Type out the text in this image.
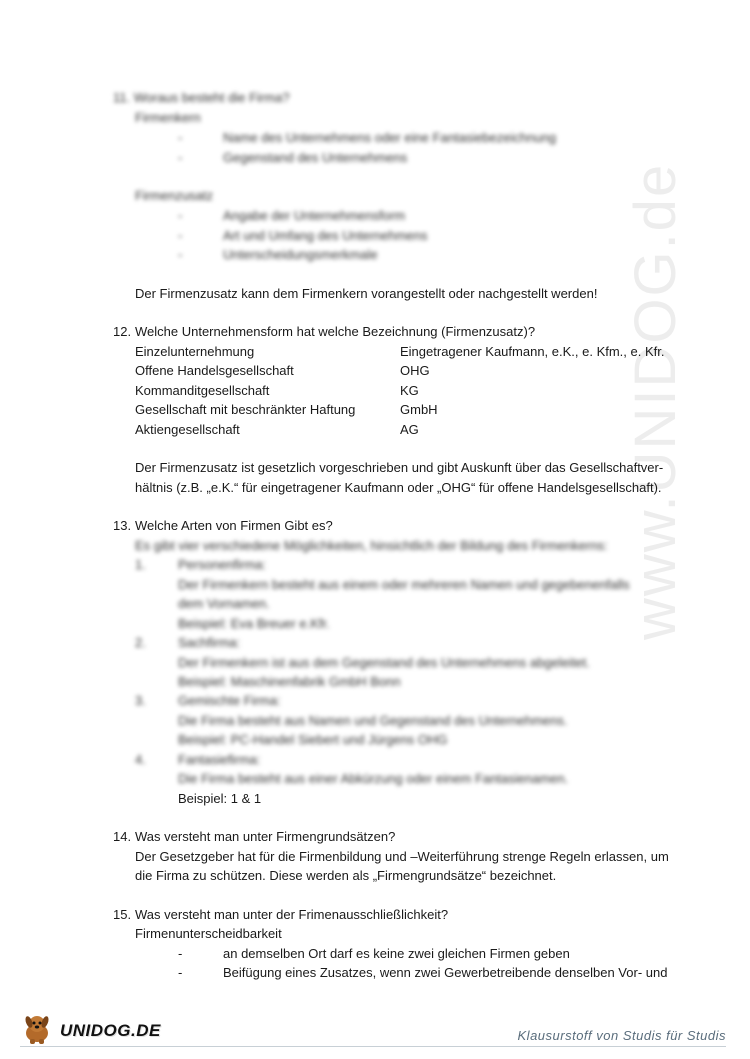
www.UNIDOG.de
11. Woraus besteht die Firma?
Firmenkern
-	Name des Unternehmens oder eine Fantasiebezeichnung
-	Gegenstand des Unternehmens
Firmenzusatz
-	Angabe der Unternehmensform
-	Art und Umfang des Unternehmens
-	Unterscheidungsmerkmale
Der Firmenzusatz kann dem Firmenkern vorangestellt oder nachgestellt werden!
12. Welche Unternehmensform hat welche Bezeichnung (Firmenzusatz)?
Einzelunternehmung	Eingetragener Kaufmann, e.K., e. Kfm., e. Kfr.
Offene Handelsgesellschaft	OHG
Kommanditgesellschaft	KG
Gesellschaft mit beschränkter Haftung	GmbH
Aktiengesellschaft	AG
Der Firmenzusatz ist gesetzlich vorgeschrieben und gibt Auskunft über das Gesellschaftver-
hältnis (z.B. „e.K.“ für eingetragener Kaufmann oder „OHG“ für offene Handelsgesellschaft).
13. Welche Arten von Firmen Gibt es?
Es gibt vier verschiedene Möglichkeiten, hinsichtlich der Bildung des Firmenkerns:
1. Personenfirma:
Der Firmenkern besteht aus einem oder mehreren Namen und gegebenenfalls
dem Vornamen.
Beispiel: Eva Breuer e.Kfr.
2. Sachfirma:
Der Firmenkern ist aus dem Gegenstand des Unternehmens abgeleitet.
Beispiel: Maschinenfabrik GmbH Bonn
3. Gemischte Firma:
Die Firma besteht aus Namen und Gegenstand des Unternehmens.
Beispiel: PC-Handel Siebert und Jürgens OHG
4. Fantasiefirma:
Die Firma besteht aus einer Abkürzung oder einem Fantasienamen.
Beispiel: 1 & 1
14. Was versteht man unter Firmengrundsätzen?
Der Gesetzgeber hat für die Firmenbildung und –Weiterführung strenge Regeln erlassen, um
die Firma zu schützen. Diese werden als „Firmengrundsätze“ bezeichnet.
15. Was versteht man unter der Frimenausschließlichkeit?
Firmenunterscheidbarkeit
-	an demselben Ort darf es keine zwei gleichen Firmen geben
-	Beifügung eines Zusatzes, wenn zwei Gewerbetreibende denselben Vor- und
UNIDOG.DE	Klausurstoff von Studis für Studis
